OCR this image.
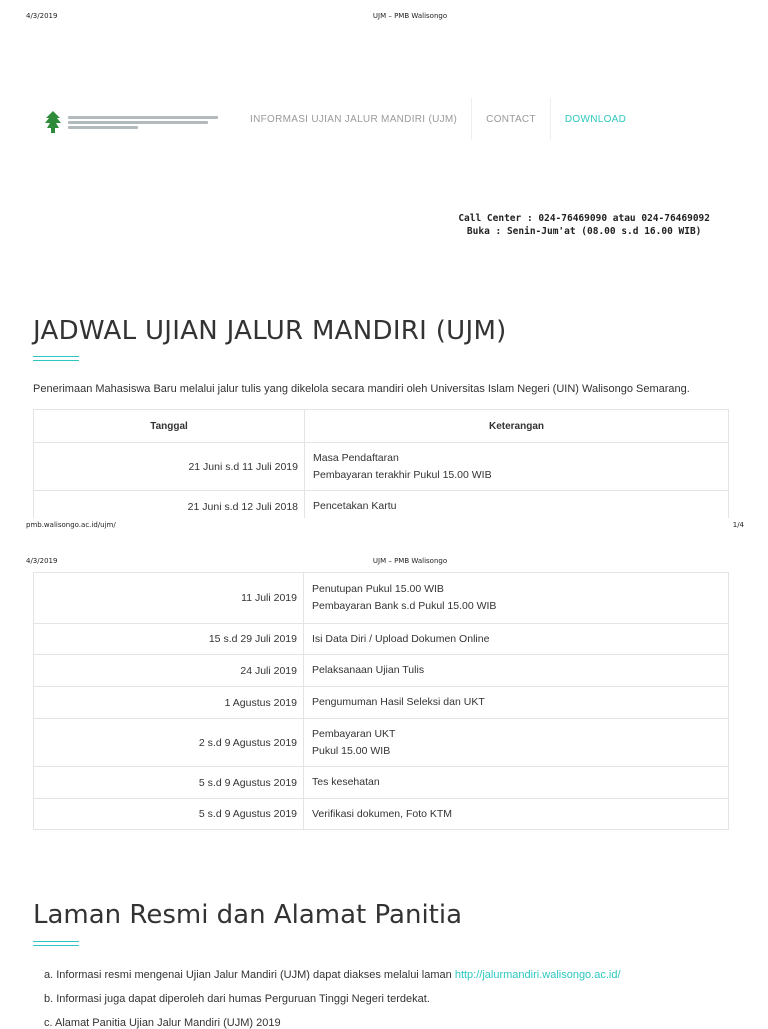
4/3/2019	UJM – PMB Walisongo
INFORMASI UJIAN JALUR MANDIRI (UJM)	CONTACT	DOWNLOAD
Call Center : 024-76469090 atau 024-76469092
Buka : Senin-Jum'at (08.00 s.d 16.00 WIB)
JADWAL UJIAN JALUR MANDIRI (UJM)
Penerimaan Mahasiswa Baru melalui jalur tulis yang dikelola secara mandiri oleh Universitas Islam Negeri (UIN) Walisongo Semarang.
Tanggal	Keterangan
21 Juni s.d 11 Juli 2019	Masa Pendaftaran
Pembayaran terakhir Pukul 15.00 WIB

21 Juni s.d 12 Juli 2018	Pencetakan Kartu
pmb.walisongo.ac.id/ujm/	1/4
4/3/2019	UJM – PMB Walisongo
11 Juli 2019	Penutupan Pukul 15.00 WIB
Pembayaran Bank s.d Pukul 15.00 WIB

15 s.d 29 Juli 2019	Isi Data Diri / Upload Dokumen Online

24 Juli 2019	Pelaksanaan Ujian Tulis

1 Agustus 2019	Pengumuman Hasil Seleksi dan UKT

2 s.d 9 Agustus 2019	Pembayaran UKT
Pukul 15.00 WIB

5 s.d 9 Agustus 2019	Tes kesehatan

5 s.d 9 Agustus 2019	Verifikasi dokumen, Foto KTM
Laman Resmi dan Alamat Panitia
a. Informasi resmi mengenai Ujian Jalur Mandiri (UJM) dapat diakses melalui laman http://jalurmandiri.walisongo.ac.id/
b. Informasi juga dapat diperoleh dari humas Perguruan Tinggi Negeri terdekat.
c. Alamat Panitia Ujian Jalur Mandiri (UJM) 2019
